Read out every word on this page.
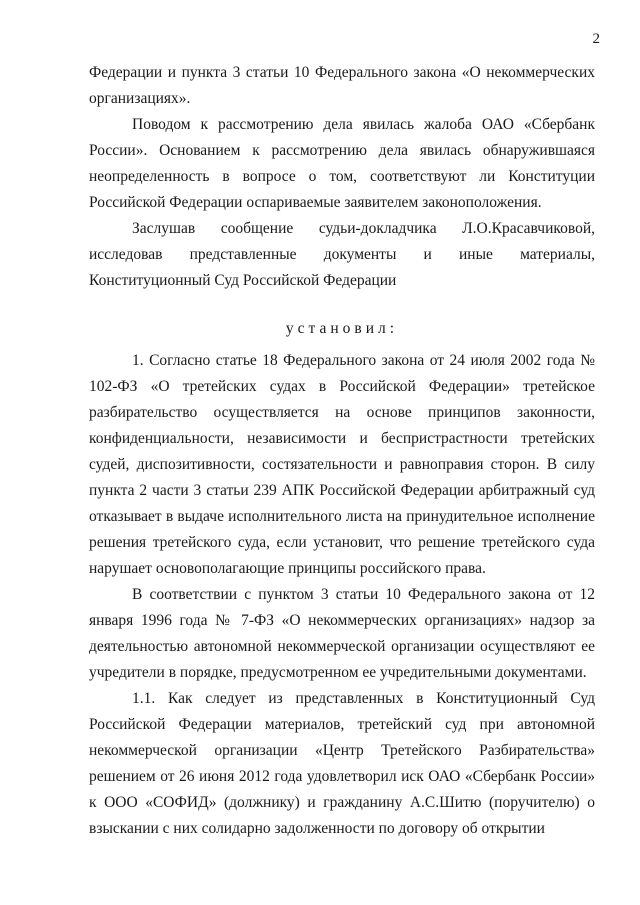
2

Федерации и пункта 3 статьи 10 Федерального закона «О некоммерческих организациях».

Поводом к рассмотрению дела явилась жалоба ОАО «Сбербанк России». Основанием к рассмотрению дела явилась обнаружившаяся неопределенность в вопросе о том, соответствуют ли Конституции Российской Федерации оспариваемые заявителем законоположения.

Заслушав сообщение судьи-докладчика Л.О.Красавчиковой, исследовав представленные документы и иные материалы, Конституционный Суд Российской Федерации

установил:

1. Согласно статье 18 Федерального закона от 24 июля 2002 года № 102-ФЗ «О третейских судах в Российской Федерации» третейское разбирательство осуществляется на основе принципов законности, конфиденциальности, независимости и беспристрастности третейских судей, диспозитивности, состязательности и равноправия сторон. В силу пункта 2 части 3 статьи 239 АПК Российской Федерации арбитражный суд отказывает в выдаче исполнительного листа на принудительное исполнение решения третейского суда, если установит, что решение третейского суда нарушает основополагающие принципы российского права.

В соответствии с пунктом 3 статьи 10 Федерального закона от 12 января 1996 года № 7-ФЗ «О некоммерческих организациях» надзор за деятельностью автономной некоммерческой организации осуществляют ее учредители в порядке, предусмотренном ее учредительными документами.

1.1. Как следует из представленных в Конституционный Суд Российской Федерации материалов, третейский суд при автономной некоммерческой организации «Центр Третейского Разбирательства» решением от 26 июня 2012 года удовлетворил иск ОАО «Сбербанк России» к ООО «СОФИД» (должнику) и гражданину А.С.Шитю (поручителю) о взыскании с них солидарно задолженности по договору об открытии
